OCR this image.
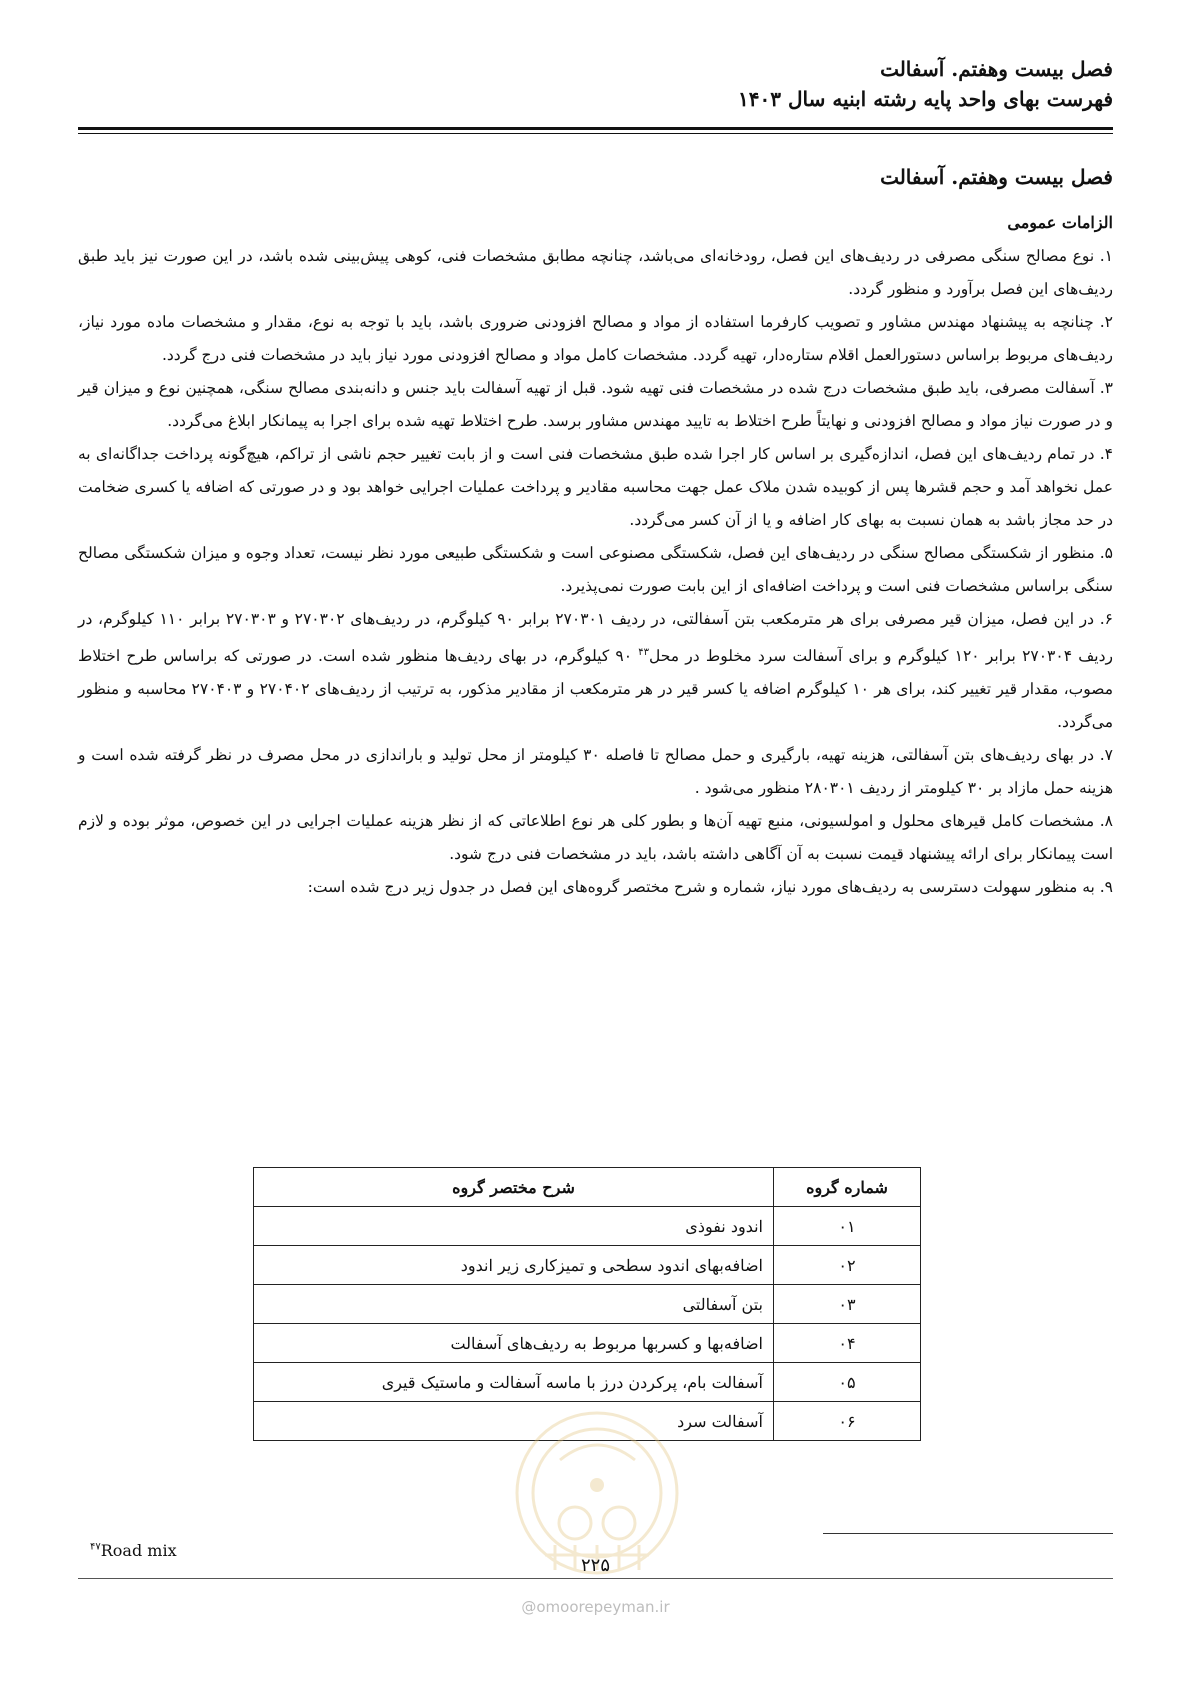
فصل بیست وهفتم. آسفالت
فهرست بهای واحد پایه رشته ابنیه سال ۱۴۰۳
فصل بیست وهفتم. آسفالت
الزامات عمومی

۱. نوع مصالح سنگی مصرفی در ردیف‌های این فصل، رودخانه‌ای می‌باشد، چنانچه مطابق مشخصات فنی، کوهی پیش‌بینی شده باشد، در این صورت نیز باید طبق ردیف‌های این فصل برآورد و منظور گردد.

۲. چنانچه به پیشنهاد مهندس مشاور و تصویب کارفرما استفاده از مواد و مصالح افزودنی ضروری باشد، باید با توجه به نوع، مقدار و مشخصات ماده مورد نیاز، ردیف‌های مربوط براساس دستورالعمل اقلام ستاره‌دار، تهیه گردد. مشخصات کامل مواد و مصالح افزودنی مورد نیاز باید در مشخصات فنی درج گردد.

۳. آسفالت مصرفی، باید طبق مشخصات درج شده در مشخصات فنی تهیه شود. قبل از تهیه آسفالت باید جنس و دانه‌بندی مصالح سنگی، همچنین نوع و میزان قیر و در صورت نیاز مواد و مصالح افزودنی و نهایتاً طرح اختلاط به تایید مهندس مشاور برسد. طرح اختلاط تهیه شده برای اجرا به پیمانکار ابلاغ می‌گردد.

۴. در تمام ردیف‌های این فصل، اندازه‌گیری بر اساس کار اجرا شده طبق مشخصات فنی است و از بابت تغییر حجم ناشی از تراکم، هیچ‌گونه پرداخت جداگانه‌ای به عمل نخواهد آمد و حجم قشرها پس از کوبیده شدن ملاک عمل جهت محاسبه مقادیر و پرداخت عملیات اجرایی خواهد بود و در صورتی که اضافه یا کسری ضخامت در حد مجاز باشد به همان نسبت به بهای کار اضافه و یا از آن کسر می‌گردد.

۵. منظور از شکستگی مصالح سنگی در ردیف‌های این فصل، شکستگی مصنوعی است و شکستگی طبیعی مورد نظر نیست، تعداد وجوه و میزان شکستگی مصالح سنگی براساس مشخصات فنی است و پرداخت اضافه‌ای از این بابت صورت نمی‌پذیرد.

۶. در این فصل، میزان قیر مصرفی برای هر مترمکعب بتن آسفالتی، در ردیف ۲۷۰۳۰۱ برابر ۹۰ کیلوگرم، در ردیف‌های ۲۷۰۳۰۲ و ۲۷۰۳۰۳ برابر ۱۱۰ کیلوگرم، در ردیف ۲۷۰۳۰۴ برابر ۱۲۰ کیلوگرم و برای آسفالت سرد مخلوط در محل$^{۴۳}$ ۹۰ کیلوگرم، در بهای ردیف‌ها منظور شده است. در صورتی که براساس طرح اختلاط مصوب، مقدار قیر تغییر کند، برای هر ۱۰ کیلوگرم اضافه یا کسر قیر در هر مترمکعب از مقادیر مذکور، به ترتیب از ردیف‌های ۲۷۰۴۰۲ و ۲۷۰۴۰۳ محاسبه و منظور می‌گردد.

۷. در بهای ردیف‌های بتن آسفالتی، هزینه تهیه، بارگیری و حمل مصالح تا فاصله ۳۰ کیلومتر از محل تولید و باراندازی در محل مصرف در نظر گرفته شده است و هزینه حمل مازاد بر ۳۰ کیلومتر از ردیف ۲۸۰۳۰۱ منظور می‌شود .

۸. مشخصات کامل قیرهای محلول و امولسیونی، منبع تهیه آن‌ها و بطور کلی هر نوع اطلاعاتی که از نظر هزینه عملیات اجرایی در این خصوص، موثر بوده و لازم است پیمانکار برای ارائه پیشنهاد قیمت نسبت به آن آگاهی داشته باشد، باید در مشخصات فنی درج شود.

۹. به منظور سهولت دسترسی به ردیف‌های مورد نیاز، شماره و شرح مختصر گروه‌های این فصل در جدول زیر درج شده است:

شماره گروه	شرح مختصر گروه
۰۱	اندود نفوذی
۰۲	اضافه‌بهای اندود سطحی و تمیزکاری زیر اندود
۰۳	بتن آسفالتی
۰۴	اضافه‌بها و کسربها مربوط به ردیف‌های آسفالت
۰۵	آسفالت بام، پرکردن درز با ماسه آسفالت و ماستیک قیری
۰۶	آسفالت سرد
$^{۴۷}$Road mix
۲۲۵
@omoorepeyman.ir
